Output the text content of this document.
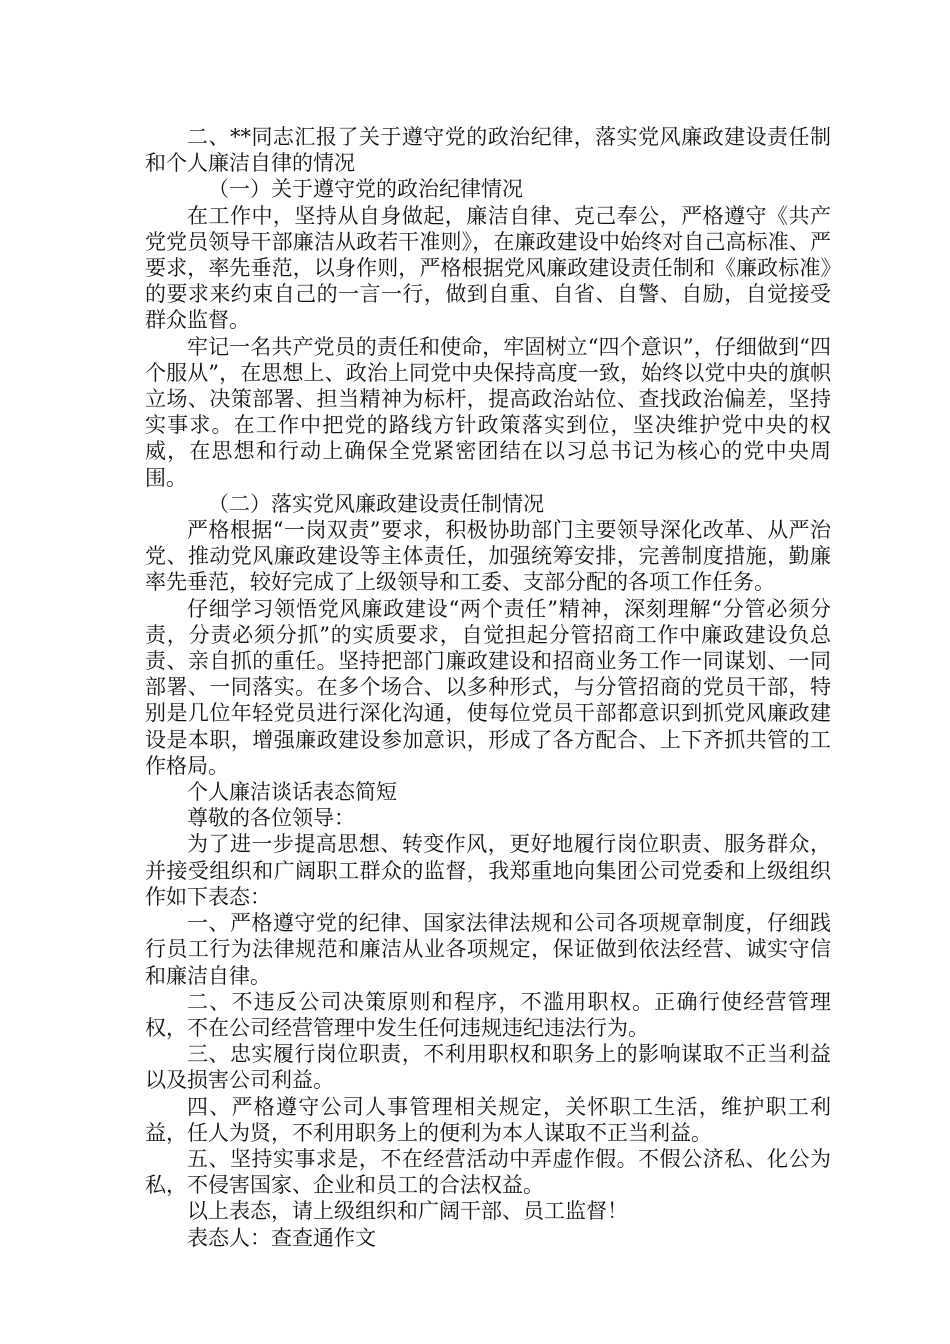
二、**同志汇报了关于遵守党的政治纪律，落实党风廉政建设责任制和个人廉洁自律的情况

（一）关于遵守党的政治纪律情况

在工作中，坚持从自身做起，廉洁自律、克己奉公，严格遵守《共产党党员领导干部廉洁从政若干准则》，在廉政建设中始终对自己高标准、严要求，率先垂范，以身作则，严格根据党风廉政建设责任制和《廉政标准》的要求来约束自己的一言一行，做到自重、自省、自警、自励，自觉接受群众监督。

牢记一名共产党员的责任和使命，牢固树立“四个意识”，仔细做到“四个服从”，在思想上、政治上同党中央保持高度一致，始终以党中央的旗帜立场、决策部署、担当精神为标杆，提高政治站位、查找政治偏差，坚持实事求。在工作中把党的路线方针政策落实到位，坚决维护党中央的权威，在思想和行动上确保全党紧密团结在以习总书记为核心的党中央周围。

（二）落实党风廉政建设责任制情况

严格根据“一岗双责”要求，积极协助部门主要领导深化改革、从严治党、推动党风廉政建设等主体责任，加强统筹安排，完善制度措施，勤廉率先垂范，较好完成了上级领导和工委、支部分配的各项工作任务。

仔细学习领悟党风廉政建设“两个责任”精神，深刻理解“分管必须分责，分责必须分抓”的实质要求，自觉担起分管招商工作中廉政建设负总责、亲自抓的重任。坚持把部门廉政建设和招商业务工作一同谋划、一同部署、一同落实。在多个场合、以多种形式，与分管招商的党员干部，特别是几位年轻党员进行深化沟通，使每位党员干部都意识到抓党风廉政建设是本职，增强廉政建设参加意识，形成了各方配合、上下齐抓共管的工作格局。

个人廉洁谈话表态简短

尊敬的各位领导：

为了进一步提高思想、转变作风，更好地履行岗位职责、服务群众，并接受组织和广阔职工群众的监督，我郑重地向集团公司党委和上级组织作如下表态：

一、严格遵守党的纪律、国家法律法规和公司各项规章制度，仔细践行员工行为法律规范和廉洁从业各项规定，保证做到依法经营、诚实守信和廉洁自律。

二、不违反公司决策原则和程序，不滥用职权。正确行使经营管理权，不在公司经营管理中发生任何违规违纪违法行为。

三、忠实履行岗位职责，不利用职权和职务上的影响谋取不正当利益以及损害公司利益。

四、严格遵守公司人事管理相关规定，关怀职工生活，维护职工利益，任人为贤，不利用职务上的便利为本人谋取不正当利益。

五、坚持实事求是，不在经营活动中弄虚作假。不假公济私、化公为私，不侵害国家、企业和员工的合法权益。

以上表态，请上级组织和广阔干部、员工监督！

表态人：查查通作文
